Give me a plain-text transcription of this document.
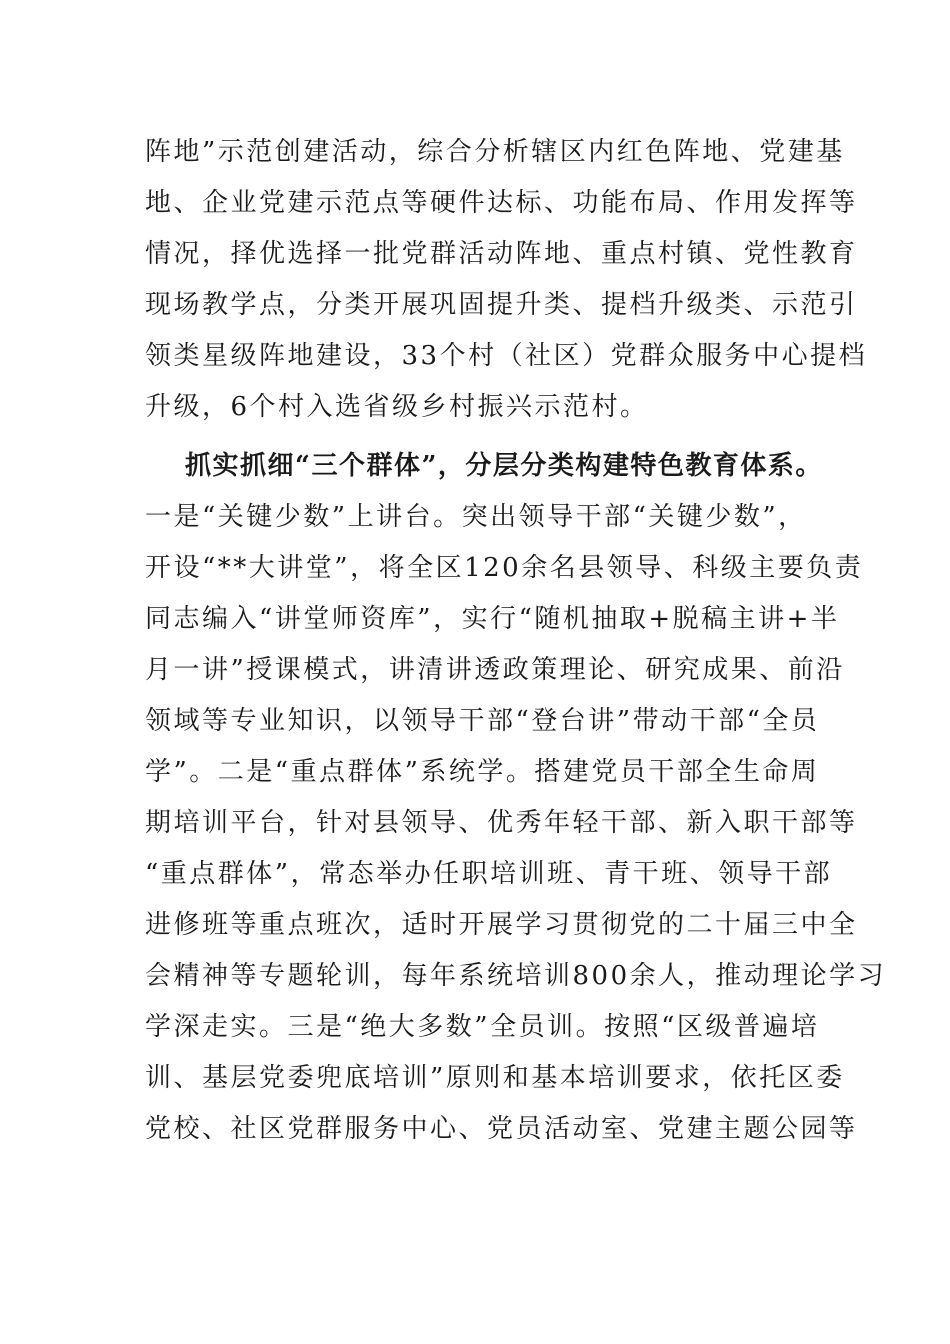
阵地”示范创建活动，综合分析辖区内红色阵地、党建基
地、企业党建示范点等硬件达标、功能布局、作用发挥等
情况，择优选择一批党群活动阵地、重点村镇、党性教育
现场教学点，分类开展巩固提升类、提档升级类、示范引
领类星级阵地建设，33个村（社区）党群众服务中心提档
升级，6个村入选省级乡村振兴示范村。
抓实抓细“三个群体”，分层分类构建特色教育体系。
一是“关键少数”上讲台。突出领导干部“关键少数”，
开设“**大讲堂”，将全区120余名县领导、科级主要负责
同志编入“讲堂师资库”，实行“随机抽取+脱稿主讲+半
月一讲”授课模式，讲清讲透政策理论、研究成果、前沿
领域等专业知识，以领导干部“登台讲”带动干部“全员
学”。二是“重点群体”系统学。搭建党员干部全生命周
期培训平台，针对县领导、优秀年轻干部、新入职干部等
“重点群体”，常态举办任职培训班、青干班、领导干部
进修班等重点班次，适时开展学习贯彻党的二十届三中全
会精神等专题轮训，每年系统培训800余人，推动理论学习
学深走实。三是“绝大多数”全员训。按照“区级普遍培
训、基层党委兜底培训”原则和基本培训要求，依托区委
党校、社区党群服务中心、党员活动室、党建主题公园等
